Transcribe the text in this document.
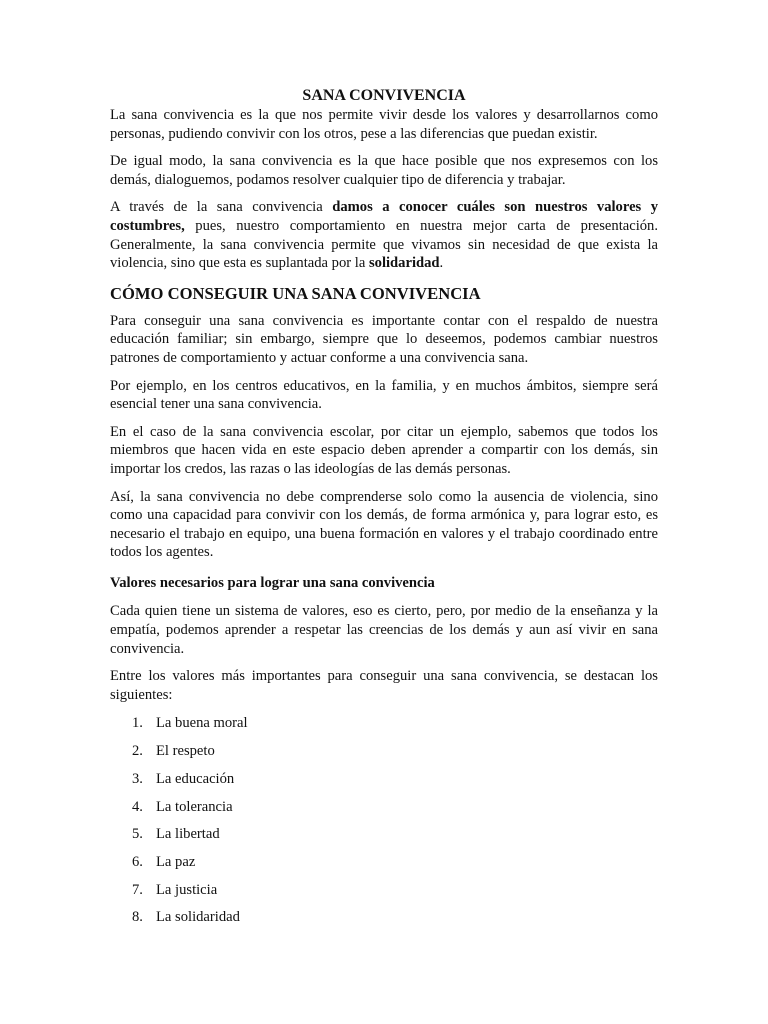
SANA CONVIVENCIA

La sana convivencia es la que nos permite vivir desde los valores y desarrollarnos como personas, pudiendo convivir con los otros, pese a las diferencias que puedan existir.

De igual modo, la sana convivencia es la que hace posible que nos expresemos con los demás, dialoguemos, podamos resolver cualquier tipo de diferencia y trabajar.

A través de la sana convivencia damos a conocer cuáles son nuestros valores y costumbres, pues, nuestro comportamiento en nuestra mejor carta de presentación. Generalmente, la sana convivencia permite que vivamos sin necesidad de que exista la violencia, sino que esta es suplantada por la solidaridad.

CÓMO CONSEGUIR UNA SANA CONVIVENCIA

Para conseguir una sana convivencia es importante contar con el respaldo de nuestra educación familiar; sin embargo, siempre que lo deseemos, podemos cambiar nuestros patrones de comportamiento y actuar conforme a una convivencia sana.

Por ejemplo, en los centros educativos, en la familia, y en muchos ámbitos, siempre será esencial tener una sana convivencia.

En el caso de la sana convivencia escolar, por citar un ejemplo, sabemos que todos los miembros que hacen vida en este espacio deben aprender a compartir con los demás, sin importar los credos, las razas o las ideologías de las demás personas.

Así, la sana convivencia no debe comprenderse solo como la ausencia de violencia, sino como una capacidad para convivir con los demás, de forma armónica y, para lograr esto, es necesario el trabajo en equipo, una buena formación en valores y el trabajo coordinado entre todos los agentes.

Valores necesarios para lograr una sana convivencia

Cada quien tiene un sistema de valores, eso es cierto, pero, por medio de la enseñanza y la empatía, podemos aprender a respetar las creencias de los demás y aun así vivir en sana convivencia.

Entre los valores más importantes para conseguir una sana convivencia, se destacan los siguientes:

1. La buena moral
2. El respeto
3. La educación
4. La tolerancia
5. La libertad
6. La paz
7. La justicia
8. La solidaridad
